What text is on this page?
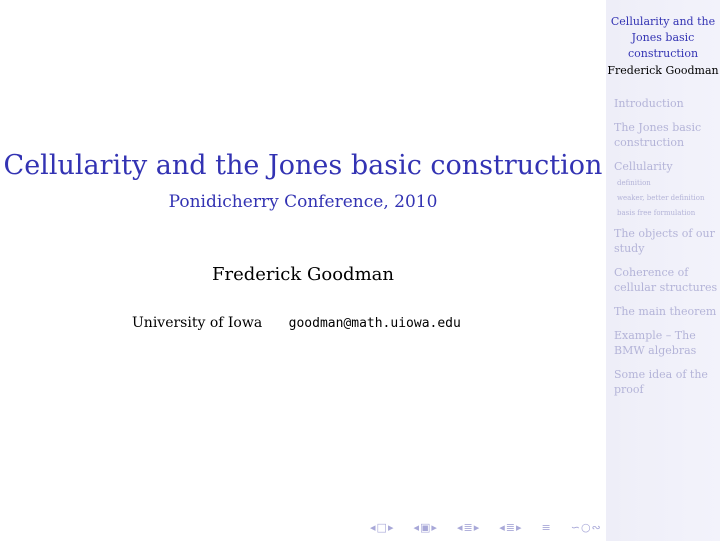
Cellularity and the Jones basic construction
Ponidicherry Conference, 2010
Frederick Goodman
University of Iowa goodman@math.uiowa.edu
◂□▸ ◂▣▸ ◂≣▸ ◂≣▸ ≡ ∽○∾
Cellularity and the
Jones basic
construction
Frederick Goodman
Introduction
The Jones basic
construction
Cellularity
definition
weaker, better definition
basis free formulation
The objects of our
study
Coherence of
cellular structures
The main theorem
Example – The
BMW algebras
Some idea of the
proof
